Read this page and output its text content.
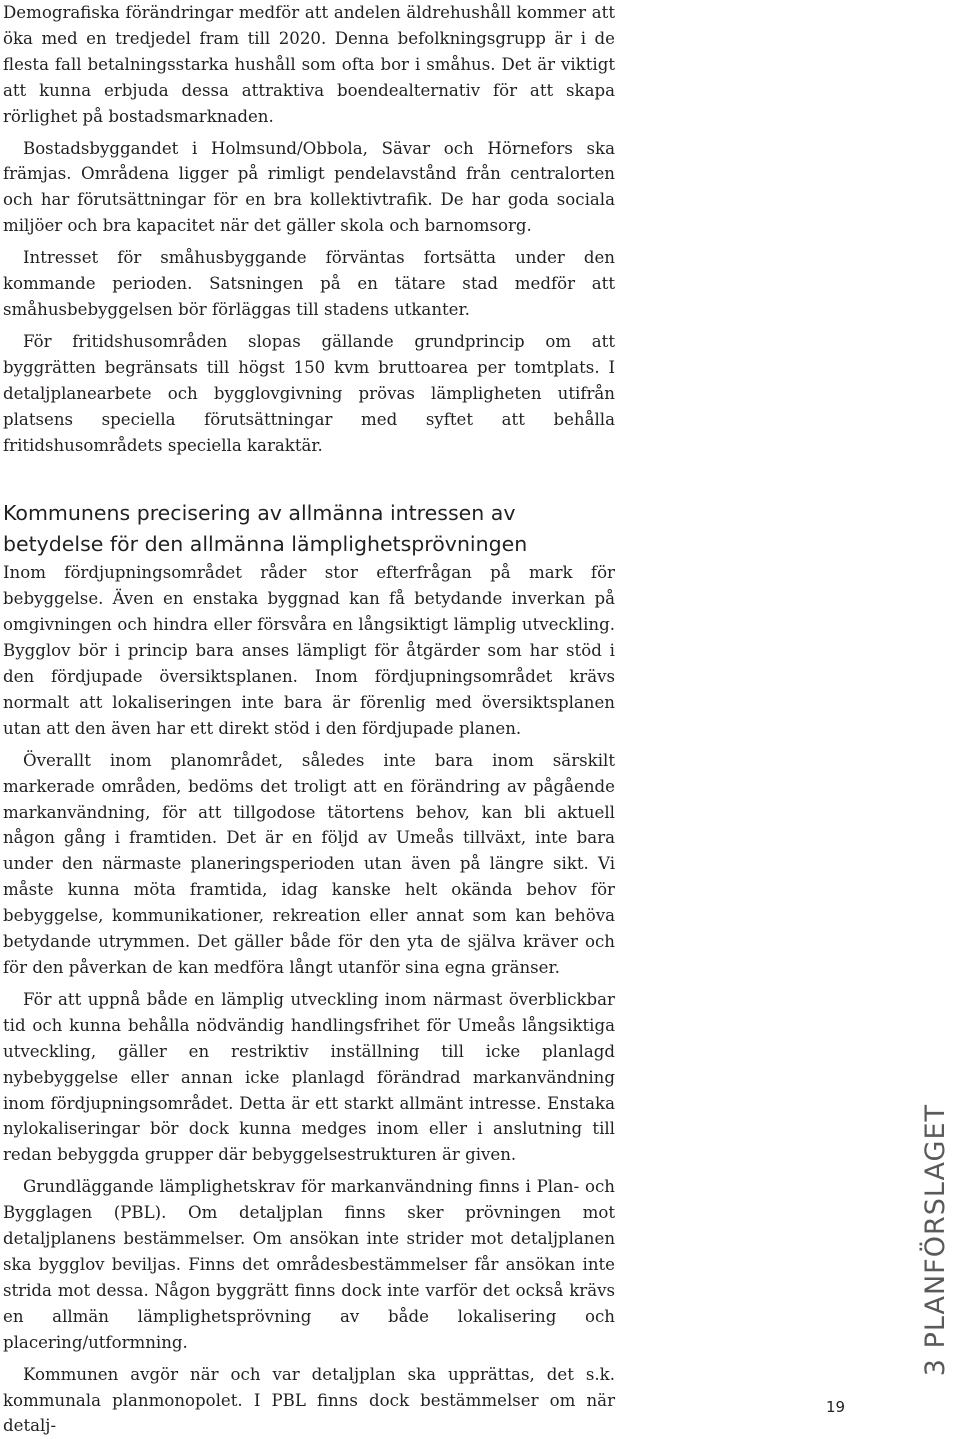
Demografiska förändringar medför att andelen äldrehushåll kommer att öka med en tredjedel fram till 2020. Denna befolkningsgrupp är i de flesta fall betalningsstarka hushåll som ofta bor i småhus. Det är viktigt att kunna erbjuda dessa attraktiva boendealternativ för att skapa rörlighet på bostadsmarknaden.

Bostadsbyggandet i Holmsund/Obbola, Sävar och Hörnefors ska främjas. Områdena ligger på rimligt pendelavstånd från centralorten och har förutsättningar för en bra kollektivtrafik. De har goda sociala miljöer och bra kapacitet när det gäller skola och barnomsorg.

Intresset för småhusbyggande förväntas fortsätta under den kommande perioden. Satsningen på en tätare stad medför att småhusbebyggelsen bör förläggas till stadens utkanter.

För fritidshusområden slopas gällande grundprincip om att byggrätten begränsats till högst 150 kvm bruttoarea per tomtplats. I detaljplanearbete och bygglovgivning prövas lämpligheten utifrån platsens speciella förutsättningar med syftet att behålla fritidshusområdets speciella karaktär.

Kommunens precisering av allmänna intressen av betydelse för den allmänna lämplighetsprövningen

Inom fördjupningsområdet råder stor efterfrågan på mark för bebyggelse. Även en enstaka byggnad kan få betydande inverkan på omgivningen och hindra eller försvåra en långsiktigt lämplig utveckling. Bygglov bör i princip bara anses lämpligt för åtgärder som har stöd i den fördjupade översiktsplanen. Inom fördjupningsområdet krävs normalt att lokaliseringen inte bara är förenlig med översiktsplanen utan att den även har ett direkt stöd i den fördjupade planen.

Överallt inom planområdet, således inte bara inom särskilt markerade områden, bedöms det troligt att en förändring av pågående markanvändning, för att tillgodose tätortens behov, kan bli aktuell någon gång i framtiden. Det är en följd av Umeås tillväxt, inte bara under den närmaste planeringsperioden utan även på längre sikt. Vi måste kunna möta framtida, idag kanske helt okända behov för bebyggelse, kommunikationer, rekreation eller annat som kan behöva betydande utrymmen. Det gäller både för den yta de själva kräver och för den påverkan de kan medföra långt utanför sina egna gränser.

För att uppnå både en lämplig utveckling inom närmast överblickbar tid och kunna behålla nödvändig handlingsfrihet för Umeås långsiktiga utveckling, gäller en restriktiv inställning till icke planlagd nybebyggelse eller annan icke planlagd förändrad markanvändning inom fördjupningsområdet. Detta är ett starkt allmänt intresse. Enstaka nylokaliseringar bör dock kunna medges inom eller i anslutning till redan bebyggda grupper där bebyggelsestrukturen är given.

Grundläggande lämplighetskrav för markanvändning finns i Plan- och Bygglagen (PBL). Om detaljplan finns sker prövningen mot detaljplanens bestämmelser. Om ansökan inte strider mot detaljplanen ska bygglov beviljas. Finns det områdesbestämmelser får ansökan inte strida mot dessa. Någon byggrätt finns dock inte varför det också krävs en allmän lämplighetsprövning av både lokalisering och placering/utformning.

Kommunen avgör när och var detaljplan ska upprättas, det s.k. kommunala planmonopolet. I PBL finns dock bestämmelser om när detalj-

3 PLANFÖRSLAGET
19
